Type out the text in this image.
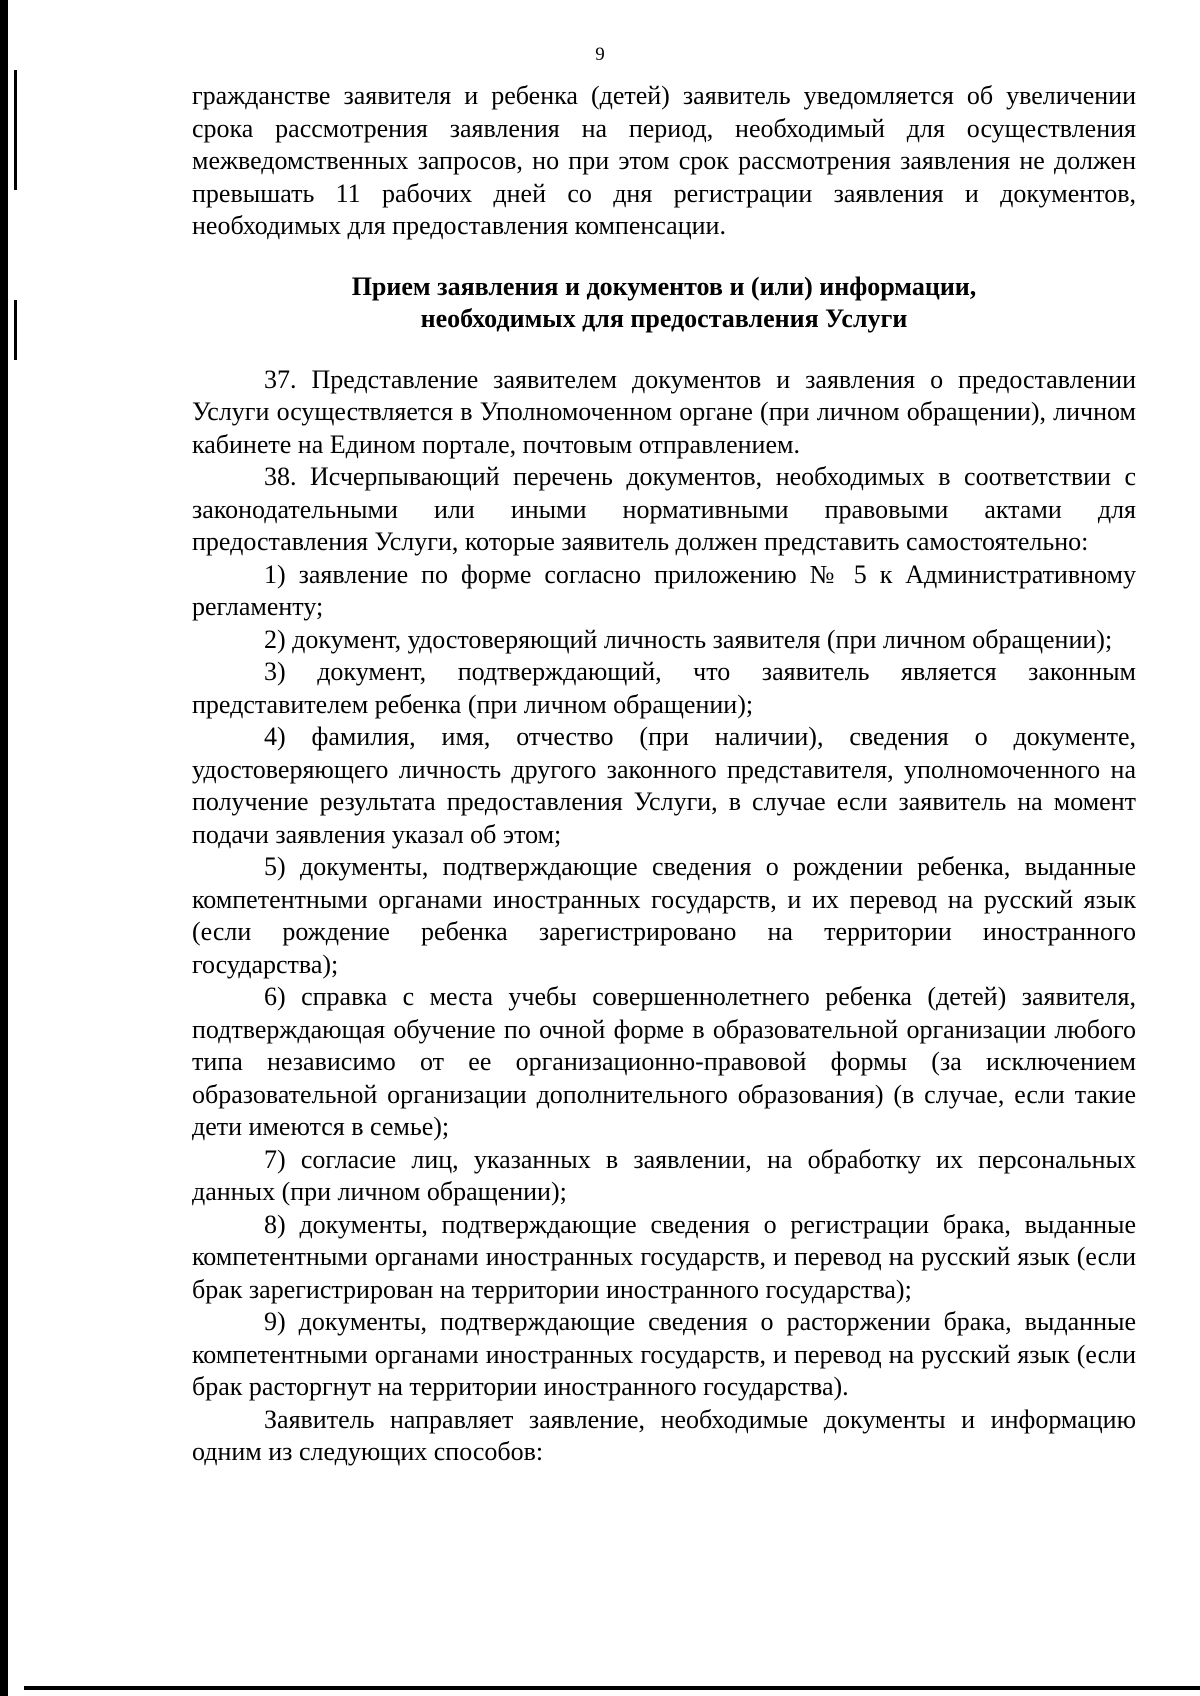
9

гражданстве заявителя и ребенка (детей) заявитель уведомляется об увеличении срока рассмотрения заявления на период, необходимый для осуществления межведомственных запросов, но при этом срок рассмотрения заявления не должен превышать 11 рабочих дней со дня регистрации заявления и документов, необходимых для предоставления компенсации.

Прием заявления и документов и (или) информации,
необходимых для предоставления Услуги

37. Представление заявителем документов и заявления о предоставлении Услуги осуществляется в Уполномоченном органе (при личном обращении), личном кабинете на Едином портале, почтовым отправлением.

38. Исчерпывающий перечень документов, необходимых в соответствии с законодательными или иными нормативными правовыми актами для предоставления Услуги, которые заявитель должен представить самостоятельно:

1) заявление по форме согласно приложению № 5 к Административному регламенту;

2) документ, удостоверяющий личность заявителя (при личном обращении);

3) документ, подтверждающий, что заявитель является законным представителем ребенка (при личном обращении);

4) фамилия, имя, отчество (при наличии), сведения о документе, удостоверяющего личность другого законного представителя, уполномоченного на получение результата предоставления Услуги, в случае если заявитель на момент подачи заявления указал об этом;

5) документы, подтверждающие сведения о рождении ребенка, выданные компетентными органами иностранных государств, и их перевод на русский язык (если рождение ребенка зарегистрировано на территории иностранного государства);

6) справка с места учебы совершеннолетнего ребенка (детей) заявителя, подтверждающая обучение по очной форме в образовательной организации любого типа независимо от ее организационно-правовой формы (за исключением образовательной организации дополнительного образования) (в случае, если такие дети имеются в семье);

7) согласие лиц, указанных в заявлении, на обработку их персональных данных (при личном обращении);

8) документы, подтверждающие сведения о регистрации брака, выданные компетентными органами иностранных государств, и перевод на русский язык (если брак зарегистрирован на территории иностранного государства);

9) документы, подтверждающие сведения о расторжении брака, выданные компетентными органами иностранных государств, и перевод на русский язык (если брак расторгнут на территории иностранного государства).

Заявитель направляет заявление, необходимые документы и информацию одним из следующих способов:
